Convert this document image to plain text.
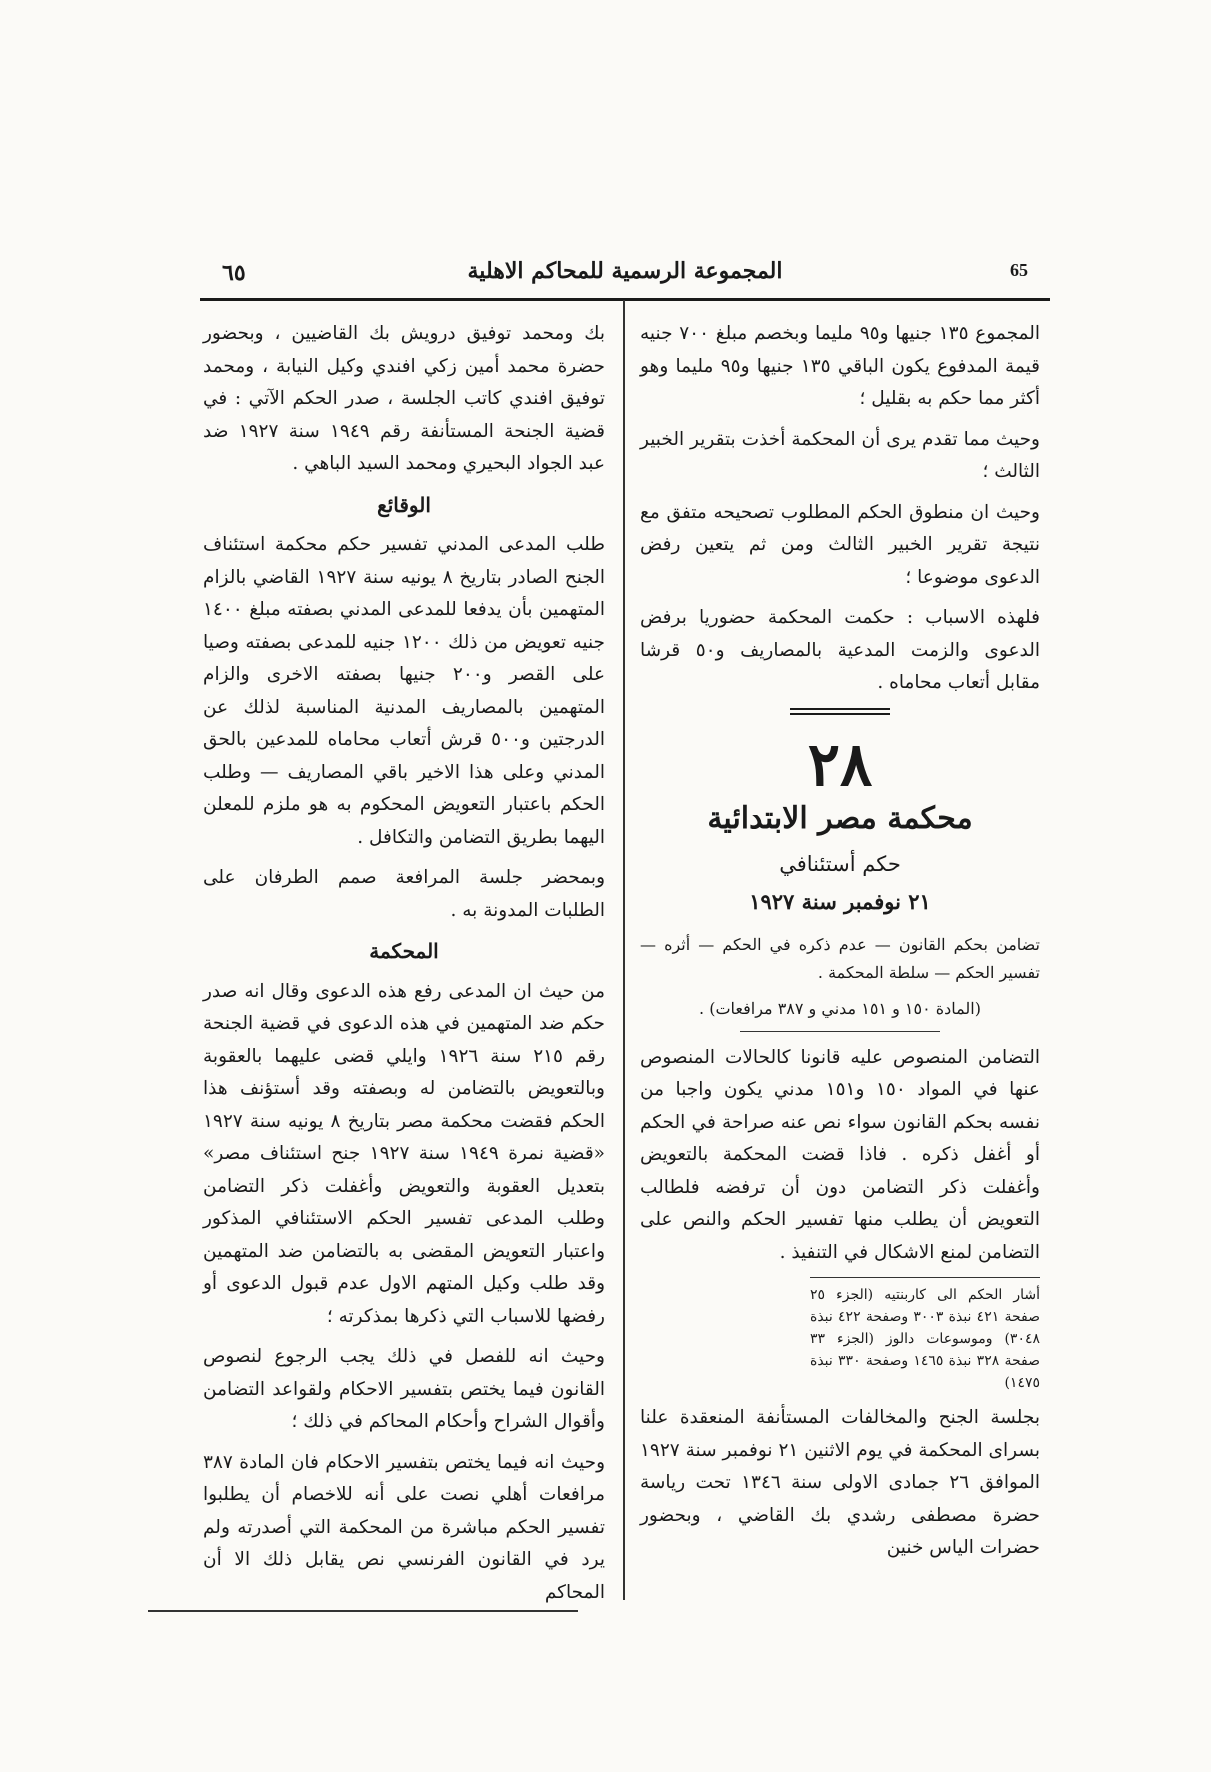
٦٥	المجموعة الرسمية للمحاكم الاهلية	65

المجموع ١٣٥ جنيها و٩٥ مليما وبخصم مبلغ ٧٠٠ جنيه قيمة المدفوع يكون الباقي ١٣٥ جنيها و٩٥ مليما وهو أكثر مما حكم به بقليل ؛

وحيث مما تقدم يرى أن المحكمة أخذت بتقرير الخبير الثالث ؛

وحيث ان منطوق الحكم المطلوب تصحيحه متفق مع نتيجة تقرير الخبير الثالث ومن ثم يتعين رفض الدعوى موضوعا ؛

فلهذه الاسباب : حكمت المحكمة حضوريا برفض الدعوى والزمت المدعية بالمصاريف و٥٠ قرشا مقابل أتعاب محاماه .

٢٨
محكمة مصر الابتدائية
حكم أستئنافي
٢١ نوفمبر سنة ١٩٢٧

تضامن بحكم القانون — عدم ذكره في الحكم — أثره — تفسير الحكم — سلطة المحكمة .

(المادة ١٥٠ و ١٥١ مدني و ٣٨٧ مرافعات) .

التضامن المنصوص عليه قانونا كالحالات المنصوص عنها في المواد ١٥٠ و١٥١ مدني يكون واجبا من نفسه بحكم القانون سواء نص عنه صراحة في الحكم أو أغفل ذكره . فاذا قضت المحكمة بالتعويض وأغفلت ذكر التضامن دون أن ترفضه فلطالب التعويض أن يطلب منها تفسير الحكم والنص على التضامن لمنع الاشكال في التنفيذ .

أشار الحكم الى كاربنتيه (الجزء ٢٥ صفحة ٤٢١ نبذة ٣٠٠٣ وصفحة ٤٢٢ نبذة ٣٠٤٨) وموسوعات دالوز (الجزء ٣٣ صفحة ٣٢٨ نبذة ١٤٦٥ وصفحة ٣٣٠ نبذة ١٤٧٥)

بجلسة الجنح والمخالفات المستأنفة المنعقدة علنا بسراى المحكمة في يوم الاثنين ٢١ نوفمبر سنة ١٩٢٧ الموافق ٢٦ جمادى الاولى سنة ١٣٤٦ تحت رياسة حضرة مصطفى رشدي بك القاضي ، وبحضور حضرات الياس خنين

بك ومحمد توفيق درويش بك القاضيين ، وبحضور حضرة محمد أمين زكي افندي وكيل النيابة ، ومحمد توفيق افندي كاتب الجلسة ، صدر الحكم الآتي : في قضية الجنحة المستأنفة رقم ١٩٤٩ سنة ١٩٢٧ ضد عبد الجواد البحيري ومحمد السيد الباهي .

الوقائع

طلب المدعى المدني تفسير حكم محكمة استئناف الجنح الصادر بتاريخ ٨ يونيه سنة ١٩٢٧ القاضي بالزام المتهمين بأن يدفعا للمدعى المدني بصفته مبلغ ١٤٠٠ جنيه تعويض من ذلك ١٢٠٠ جنيه للمدعى بصفته وصيا على القصر و٢٠٠ جنيها بصفته الاخرى والزام المتهمين بالمصاريف المدنية المناسبة لذلك عن الدرجتين و٥٠٠ قرش أتعاب محاماه للمدعين بالحق المدني وعلى هذا الاخير باقي المصاريف — وطلب الحكم باعتبار التعويض المحكوم به هو ملزم للمعلن اليهما بطريق التضامن والتكافل .

وبمحضر جلسة المرافعة صمم الطرفان على الطلبات المدونة به .

المحكمة

من حيث ان المدعى رفع هذه الدعوى وقال انه صدر حكم ضد المتهمين في هذه الدعوى في قضية الجنحة رقم ٢١٥ سنة ١٩٢٦ وايلي قضى عليهما بالعقوبة وبالتعويض بالتضامن له وبصفته وقد أستؤنف هذا الحكم فقضت محكمة مصر بتاريخ ٨ يونيه سنة ١٩٢٧ «قضية نمرة ١٩٤٩ سنة ١٩٢٧ جنح استئناف مصر» بتعديل العقوبة والتعويض وأغفلت ذكر التضامن وطلب المدعى تفسير الحكم الاستئنافي المذكور واعتبار التعويض المقضى به بالتضامن ضد المتهمين وقد طلب وكيل المتهم الاول عدم قبول الدعوى أو رفضها للاسباب التي ذكرها بمذكرته ؛

وحيث انه للفصل في ذلك يجب الرجوع لنصوص القانون فيما يختص بتفسير الاحكام ولقواعد التضامن وأقوال الشراح وأحكام المحاكم في ذلك ؛

وحيث انه فيما يختص بتفسير الاحكام فان المادة ٣٨٧ مرافعات أهلي نصت على أنه للاخصام أن يطلبوا تفسير الحكم مباشرة من المحكمة التي أصدرته ولم يرد في القانون الفرنسي نص يقابل ذلك الا أن المحاكم
